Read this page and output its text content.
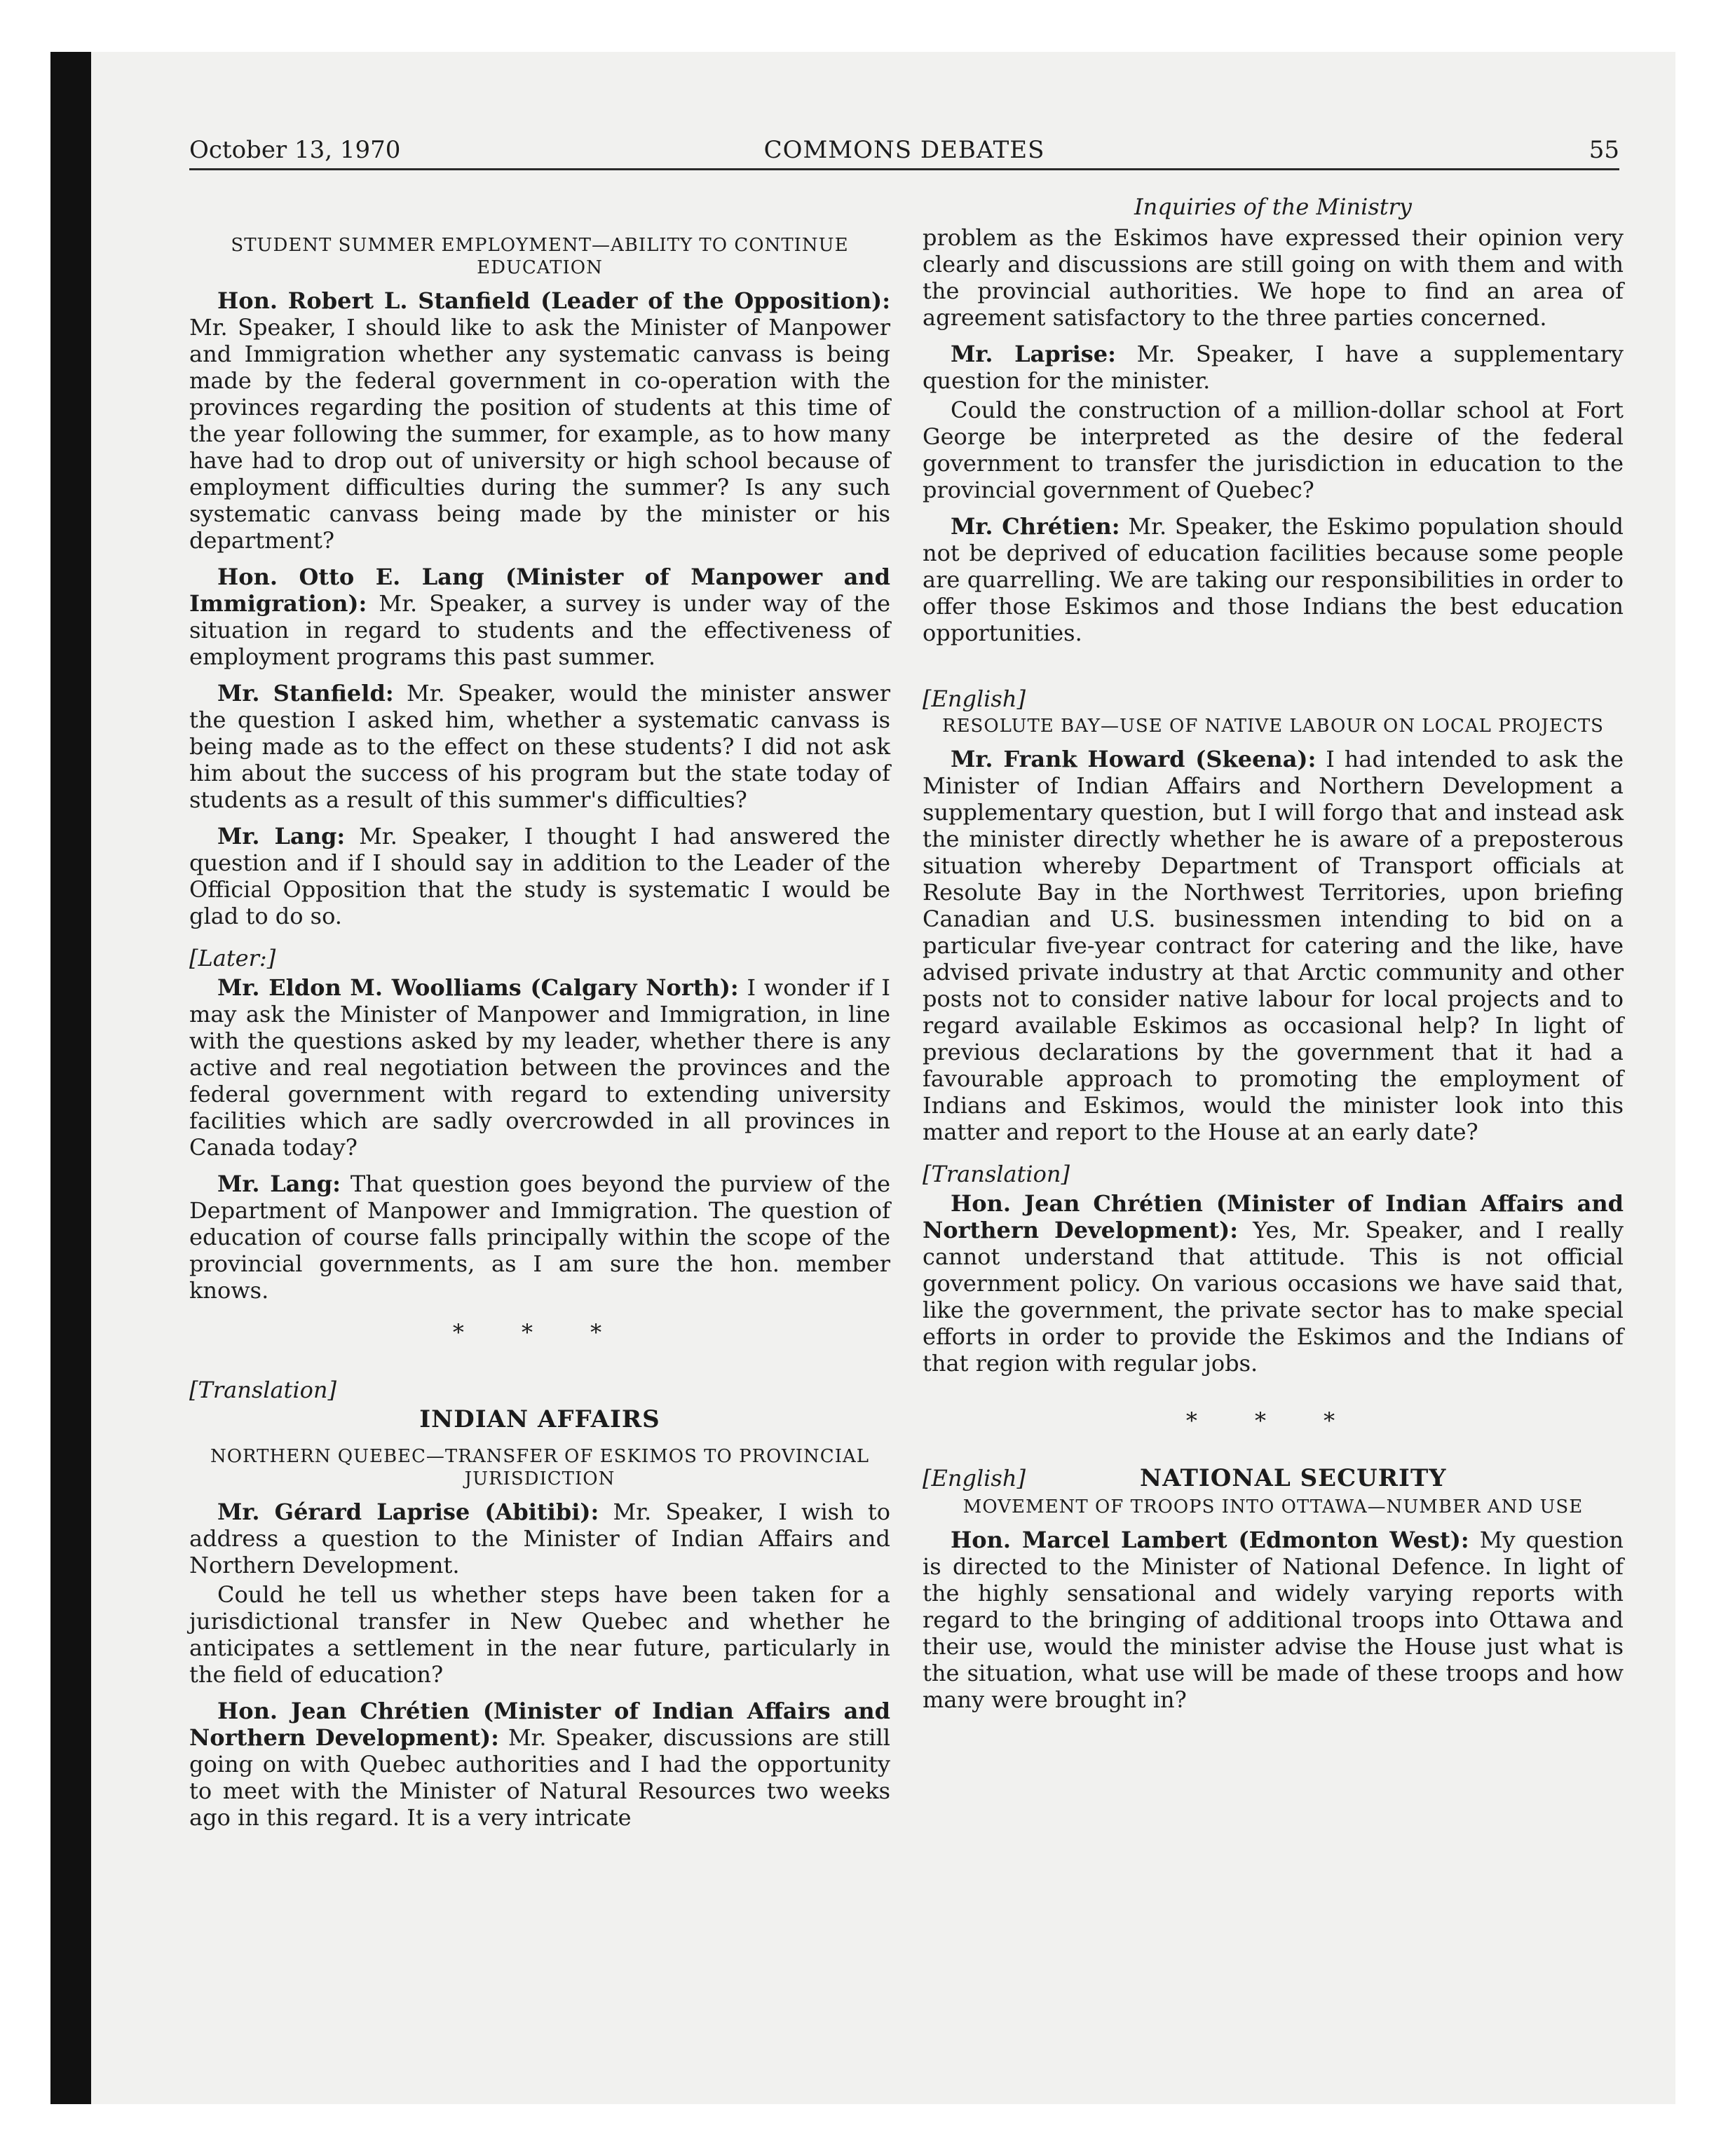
October 13, 1970	COMMONS DEBATES	55
STUDENT SUMMER EMPLOYMENT—ABILITY TO CONTINUE EDUCATION

Hon. Robert L. Stanfield (Leader of the Opposition): Mr. Speaker, I should like to ask the Minister of Manpower and Immigration whether any systematic canvass is being made by the federal government in co-operation with the provinces regarding the position of students at this time of the year following the summer, for example, as to how many have had to drop out of university or high school because of employment difficulties during the summer? Is any such systematic canvass being made by the minister or his department?

Hon. Otto E. Lang (Minister of Manpower and Immigration): Mr. Speaker, a survey is under way of the situation in regard to students and the effectiveness of employment programs this past summer.

Mr. Stanfield: Mr. Speaker, would the minister answer the question I asked him, whether a systematic canvass is being made as to the effect on these students? I did not ask him about the success of his program but the state today of students as a result of this summer's difficulties?

Mr. Lang: Mr. Speaker, I thought I had answered the question and if I should say in addition to the Leader of the Official Opposition that the study is systematic I would be glad to do so.

[Later:]

Mr. Eldon M. Woolliams (Calgary North): I wonder if I may ask the Minister of Manpower and Immigration, in line with the questions asked by my leader, whether there is any active and real negotiation between the provinces and the federal government with regard to extending university facilities which are sadly overcrowded in all provinces in Canada today?

Mr. Lang: That question goes beyond the purview of the Department of Manpower and Immigration. The question of education of course falls principally within the scope of the provincial governments, as I am sure the hon. member knows.

* * *
[Translation]
INDIAN AFFAIRS
NORTHERN QUEBEC—TRANSFER OF ESKIMOS TO PROVINCIAL JURISDICTION

Mr. Gérard Laprise (Abitibi): Mr. Speaker, I wish to address a question to the Minister of Indian Affairs and Northern Development.

Could he tell us whether steps have been taken for a jurisdictional transfer in New Quebec and whether he anticipates a settlement in the near future, particularly in the field of education?

Hon. Jean Chrétien (Minister of Indian Affairs and Northern Development): Mr. Speaker, discussions are still going on with Quebec authorities and I had the opportunity to meet with the Minister of Natural Resources two weeks ago in this regard. It is a very intricate

Inquiries of the Ministry

problem as the Eskimos have expressed their opinion very clearly and discussions are still going on with them and with the provincial authorities. We hope to find an area of agreement satisfactory to the three parties concerned.

Mr. Laprise: Mr. Speaker, I have a supplementary question for the minister.

Could the construction of a million-dollar school at Fort George be interpreted as the desire of the federal government to transfer the jurisdiction in education to the provincial government of Quebec?

Mr. Chrétien: Mr. Speaker, the Eskimo population should not be deprived of education facilities because some people are quarrelling. We are taking our responsibilities in order to offer those Eskimos and those Indians the best education opportunities.

[English]
RESOLUTE BAY—USE OF NATIVE LABOUR ON LOCAL PROJECTS

Mr. Frank Howard (Skeena): I had intended to ask the Minister of Indian Affairs and Northern Development a supplementary question, but I will forgo that and instead ask the minister directly whether he is aware of a preposterous situation whereby Department of Transport officials at Resolute Bay in the Northwest Territories, upon briefing Canadian and U.S. businessmen intending to bid on a particular five-year contract for catering and the like, have advised private industry at that Arctic community and other posts not to consider native labour for local projects and to regard available Eskimos as occasional help? In light of previous declarations by the government that it had a favourable approach to promoting the employment of Indians and Eskimos, would the minister look into this matter and report to the House at an early date?

[Translation]

Hon. Jean Chrétien (Minister of Indian Affairs and Northern Development): Yes, Mr. Speaker, and I really cannot understand that attitude. This is not official government policy. On various occasions we have said that, like the government, the private sector has to make special efforts in order to provide the Eskimos and the Indians of that region with regular jobs.

* * *
[English]	NATIONAL SECURITY
MOVEMENT OF TROOPS INTO OTTAWA—NUMBER AND USE

Hon. Marcel Lambert (Edmonton West): My question is directed to the Minister of National Defence. In light of the highly sensational and widely varying reports with regard to the bringing of additional troops into Ottawa and their use, would the minister advise the House just what is the situation, what use will be made of these troops and how many were brought in?
